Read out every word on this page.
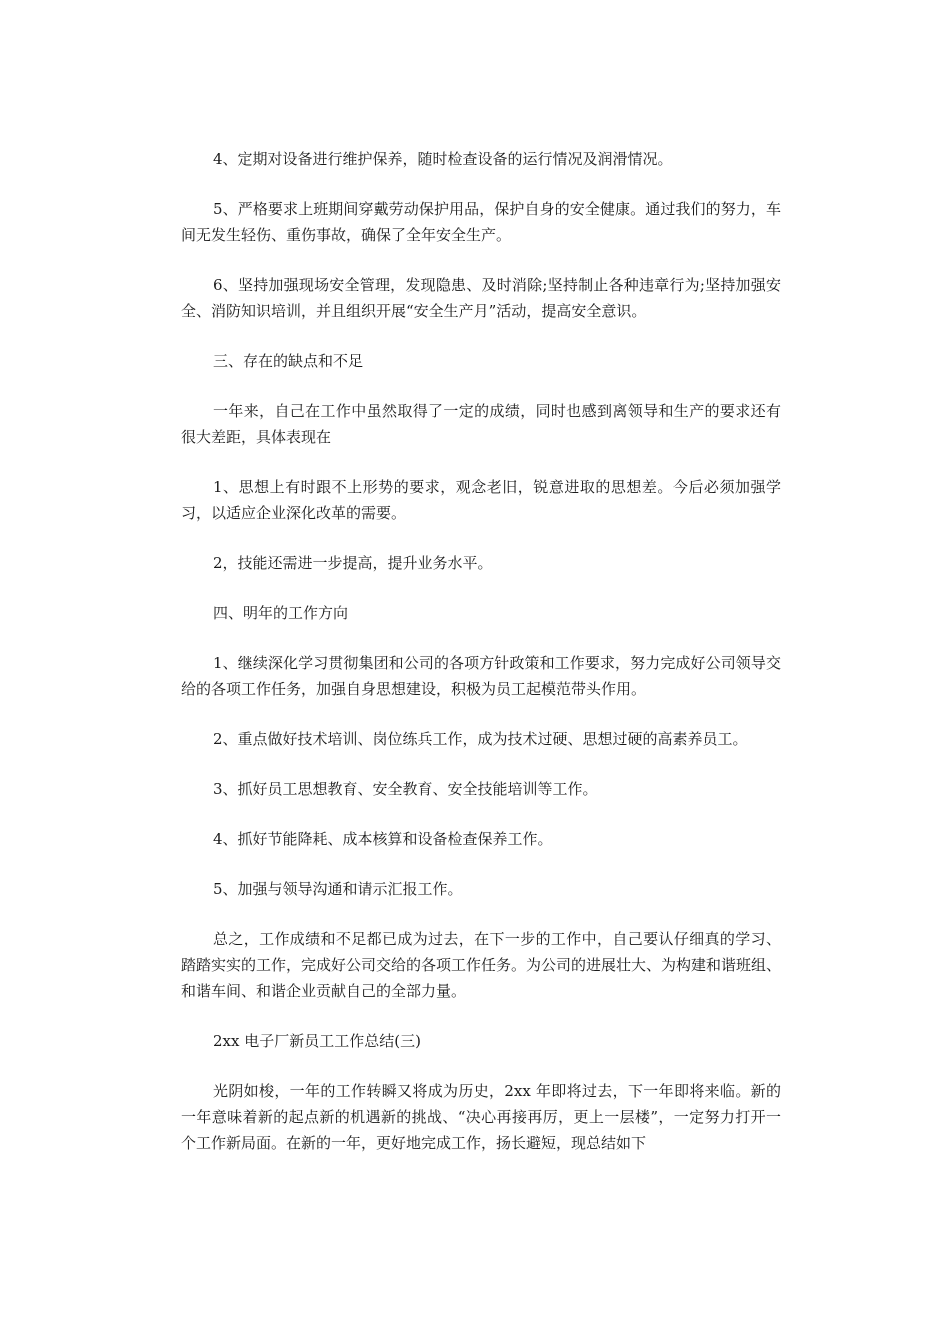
4、定期对设备进行维护保养，随时检查设备的运行情况及润滑情况。

5、严格要求上班期间穿戴劳动保护用品，保护自身的安全健康。通过我们的努力，车间无发生轻伤、重伤事故，确保了全年安全生产。

6、坚持加强现场安全管理，发现隐患、及时消除;坚持制止各种违章行为;坚持加强安全、消防知识培训，并且组织开展“安全生产月”活动，提高安全意识。

三、存在的缺点和不足

一年来，自己在工作中虽然取得了一定的成绩，同时也感到离领导和生产的要求还有很大差距，具体表现在

1、思想上有时跟不上形势的要求，观念老旧，锐意进取的思想差。今后必须加强学习，以适应企业深化改革的需要。

2，技能还需进一步提高，提升业务水平。

四、明年的工作方向

1、继续深化学习贯彻集团和公司的各项方针政策和工作要求，努力完成好公司领导交给的各项工作任务，加强自身思想建设，积极为员工起模范带头作用。

2、重点做好技术培训、岗位练兵工作，成为技术过硬、思想过硬的高素养员工。

3、抓好员工思想教育、安全教育、安全技能培训等工作。

4、抓好节能降耗、成本核算和设备检查保养工作。

5、加强与领导沟通和请示汇报工作。

总之，工作成绩和不足都已成为过去，在下一步的工作中，自己要认仔细真的学习、踏踏实实的工作，完成好公司交给的各项工作任务。为公司的进展壮大、为构建和谐班组、和谐车间、和谐企业贡献自己的全部力量。

2xx 电子厂新员工工作总结(三)

光阴如梭，一年的工作转瞬又将成为历史，2xx 年即将过去，下一年即将来临。新的一年意味着新的起点新的机遇新的挑战、“决心再接再厉，更上一层楼”，一定努力打开一个工作新局面。在新的一年，更好地完成工作，扬长避短，现总结如下
